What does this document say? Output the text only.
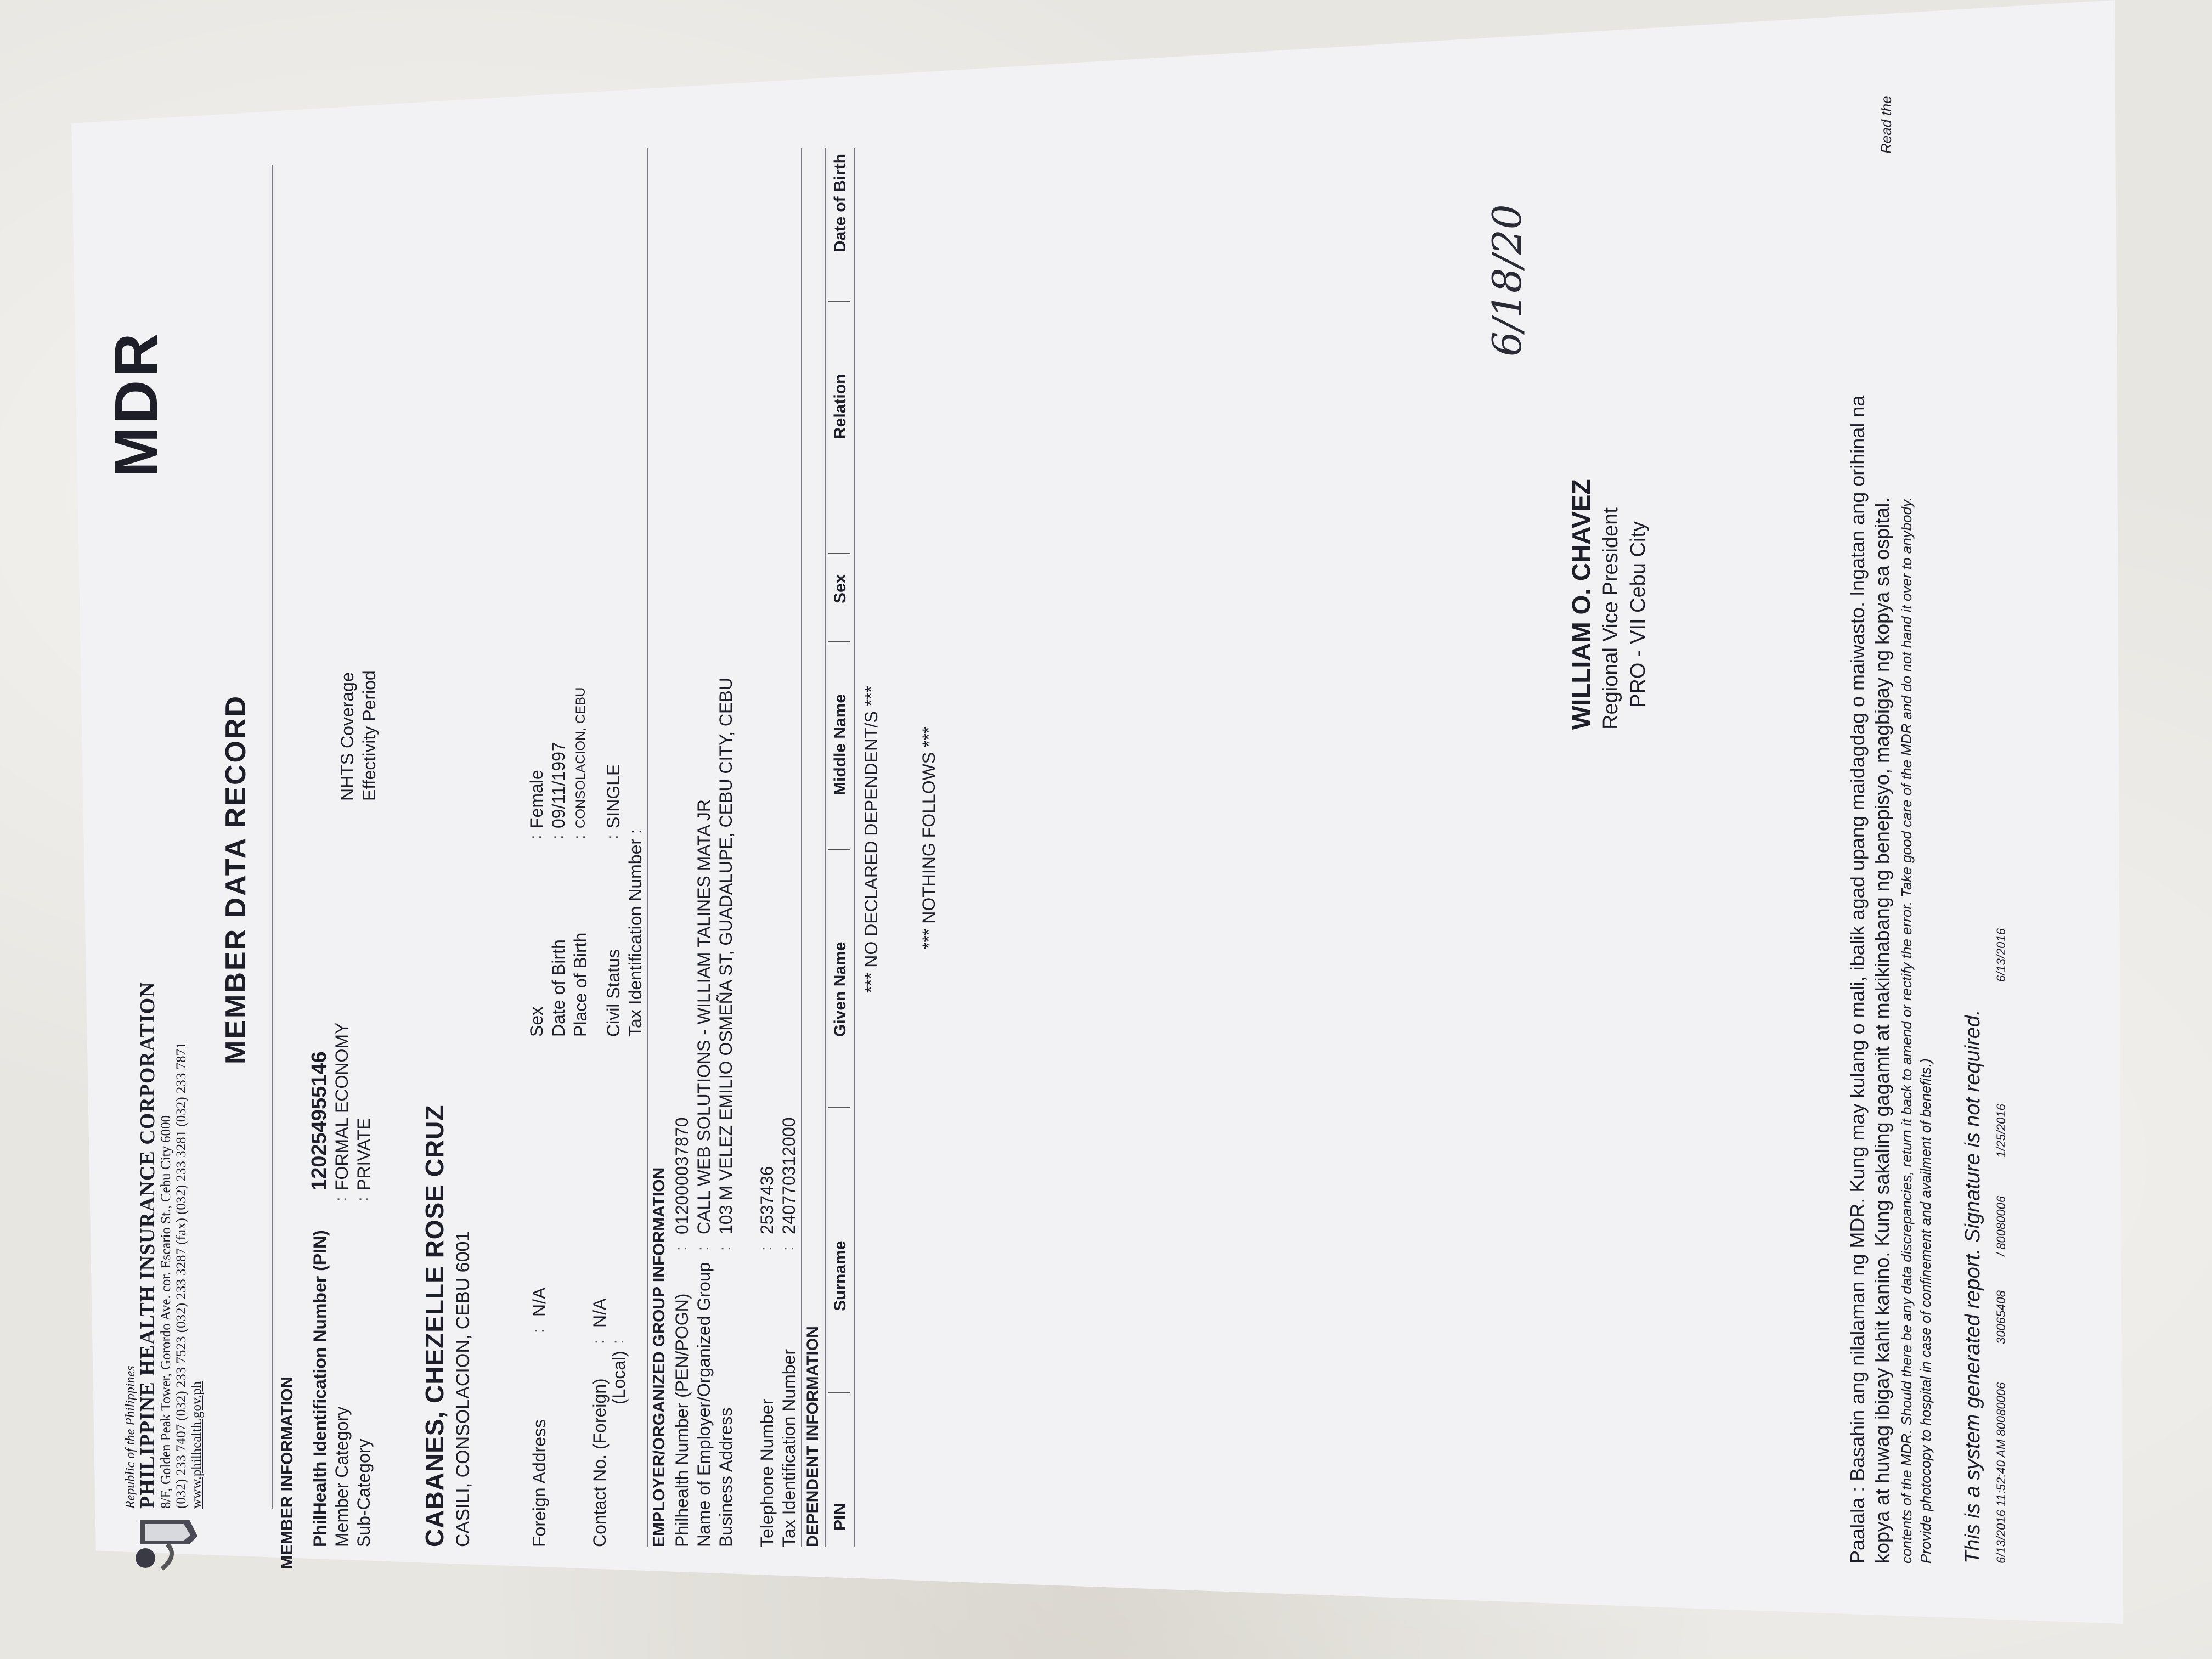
Republic of the Philippines
PHILIPPINE HEALTH INSURANCE CORPORATION 8/F, Golden Peak Tower, Gorordo Ave. cor. Escario St., Cebu City 6000 (032) 233 7407 (032) 233 7523 (032) 233 3287 (fax) (032) 233 3281 (032) 233 7871 www.philhealth.gov.ph
MDR
MEMBER DATA RECORD
MEMBER INFORMATION PhilHealth Identification Number (PIN)
120254955146
Member Category
:
FORMAL ECONOMY
Sub-Category
:
PRIVATE
NHTS Coverage Effectivity Period
CABANES, CHEZELLE ROSE CRUZ CASILI, CONSOLACION, CEBU 6001	Foreign Address
:
N/A
Sex
:
Female
Date of Birth
:
09/11/1997
Place of Birth
:
CONSOLACION, CEBU
Contact No. (Foreign)
:
N/A
(Local)
:
Civil Status
:
SINGLE
Tax Identification Number :
EMPLOYER/ORGANIZED GROUP INFORMATION Philhealth Number (PEN/POGN)
:
012000037870
Name of Employer/Organized Group
:
CALL WEB SOLUTIONS - WILLIAM TALINES MATA JR
Business Address
:
103 M VELEZ EMILIO OSMEÑA ST, GUADALUPE, CEBU CITY, CEBU
Telephone Number
:
2537436
Tax Identification Number
:
240770312000
DEPENDENT INFORMATION PIN
Surname
Given Name
Middle Name
Sex
Relation
Date of Birth
*** NO DECLARED DEPENDENT/S *** *** NOTHING FOLLOWS ***
6/18/20
WILLIAM O. CHAVEZ Regional Vice President PRO - VII Cebu City	Paalala : Basahin ang nilalaman ng MDR. Kung may kulang o mali, ibalik agad upang maidagdag o maiwasto. Ingatan ang orihinal na kopya at huwag ibigay kahit kanino. Kung sakaling gagamit at makikinabang ng benepisyo, magbigay ng kopya sa ospital.
Read the
contents of the MDR. Should there be any data discrepancies, return it back to amend or rectify the error. Take good care of the MDR and do not hand it over to anybody. Provide photocopy to hospital in case of confinement and availment of benefits.) This is a system generated report. Signature is not required. 6/13/2016 11:52:40 AM 80080006
30065408
/ 80080006
1/25/2016
6/13/2016
